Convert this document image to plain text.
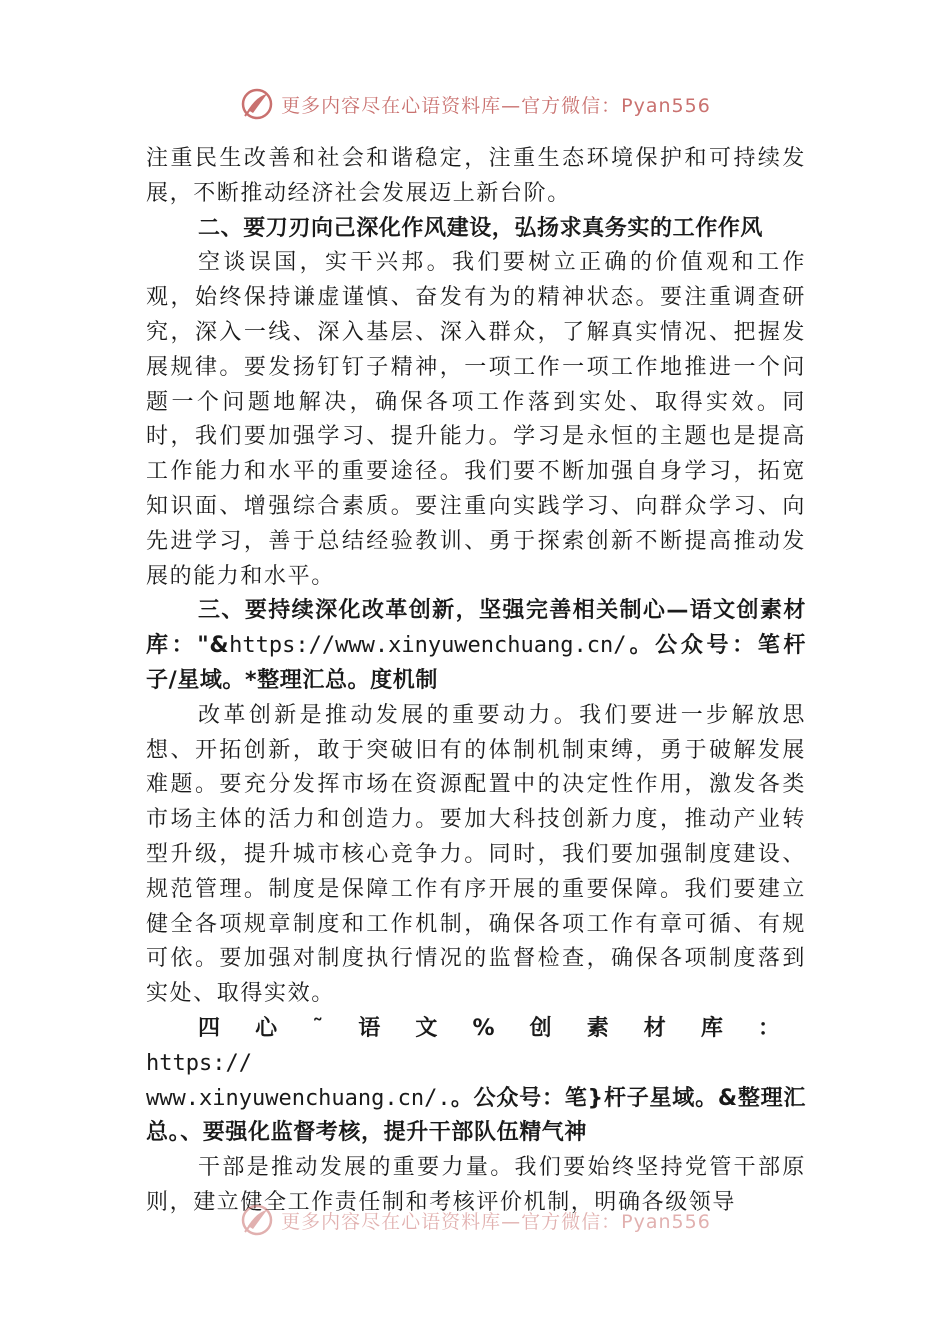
更多内容尽在心语资料库—官方微信：Pyan556

注重民生改善和社会和谐稳定，注重生态环境保护和可持续发展，不断推动经济社会发展迈上新台阶。

二、要刀刃向己深化作风建设，弘扬求真务实的工作作风

空谈误国，实干兴邦。我们要树立正确的价值观和工作观，始终保持谦虚谨慎、奋发有为的精神状态。要注重调查研究，深入一线、深入基层、深入群众，了解真实情况、把握发展规律。要发扬钉钉子精神，一项工作一项工作地推进一个问题一个问题地解决，确保各项工作落到实处、取得实效。同时，我们要加强学习、提升能力。学习是永恒的主题也是提高工作能力和水平的重要途径。我们要不断加强自身学习，拓宽知识面、增强综合素质。要注重向实践学习、向群众学习、向先进学习，善于总结经验教训、勇于探索创新不断提高推动发展的能力和水平。

三、要持续深化改革创新，坚强完善相关制心—语文创素材库："&https://www.xinyuwenchuang.cn/。公众号：笔杆子/星域。*整理汇总。度机制

改革创新是推动发展的重要动力。我们要进一步解放思想、开拓创新，敢于突破旧有的体制机制束缚，勇于破解发展难题。要充分发挥市场在资源配置中的决定性作用，激发各类市场主体的活力和创造力。要加大科技创新力度，推动产业转型升级，提升城市核心竞争力。同时，我们要加强制度建设、规范管理。制度是保障工作有序开展的重要保障。我们要建立健全各项规章制度和工作机制，确保各项工作有章可循、有规可依。要加强对制度执行情况的监督检查，确保各项制度落到实处、取得实效。

四心˜语文%创素材库： https://

www.xinyuwenchuang.cn/.。公众号：笔}杆子星域。&整理汇总。、要强化监督考核，提升干部队伍精气神

干部是推动发展的重要力量。我们要始终坚持党管干部原则，建立健全工作责任制和考核评价机制，明确各级领导

更多内容尽在心语资料库—官方微信：Pyan556
